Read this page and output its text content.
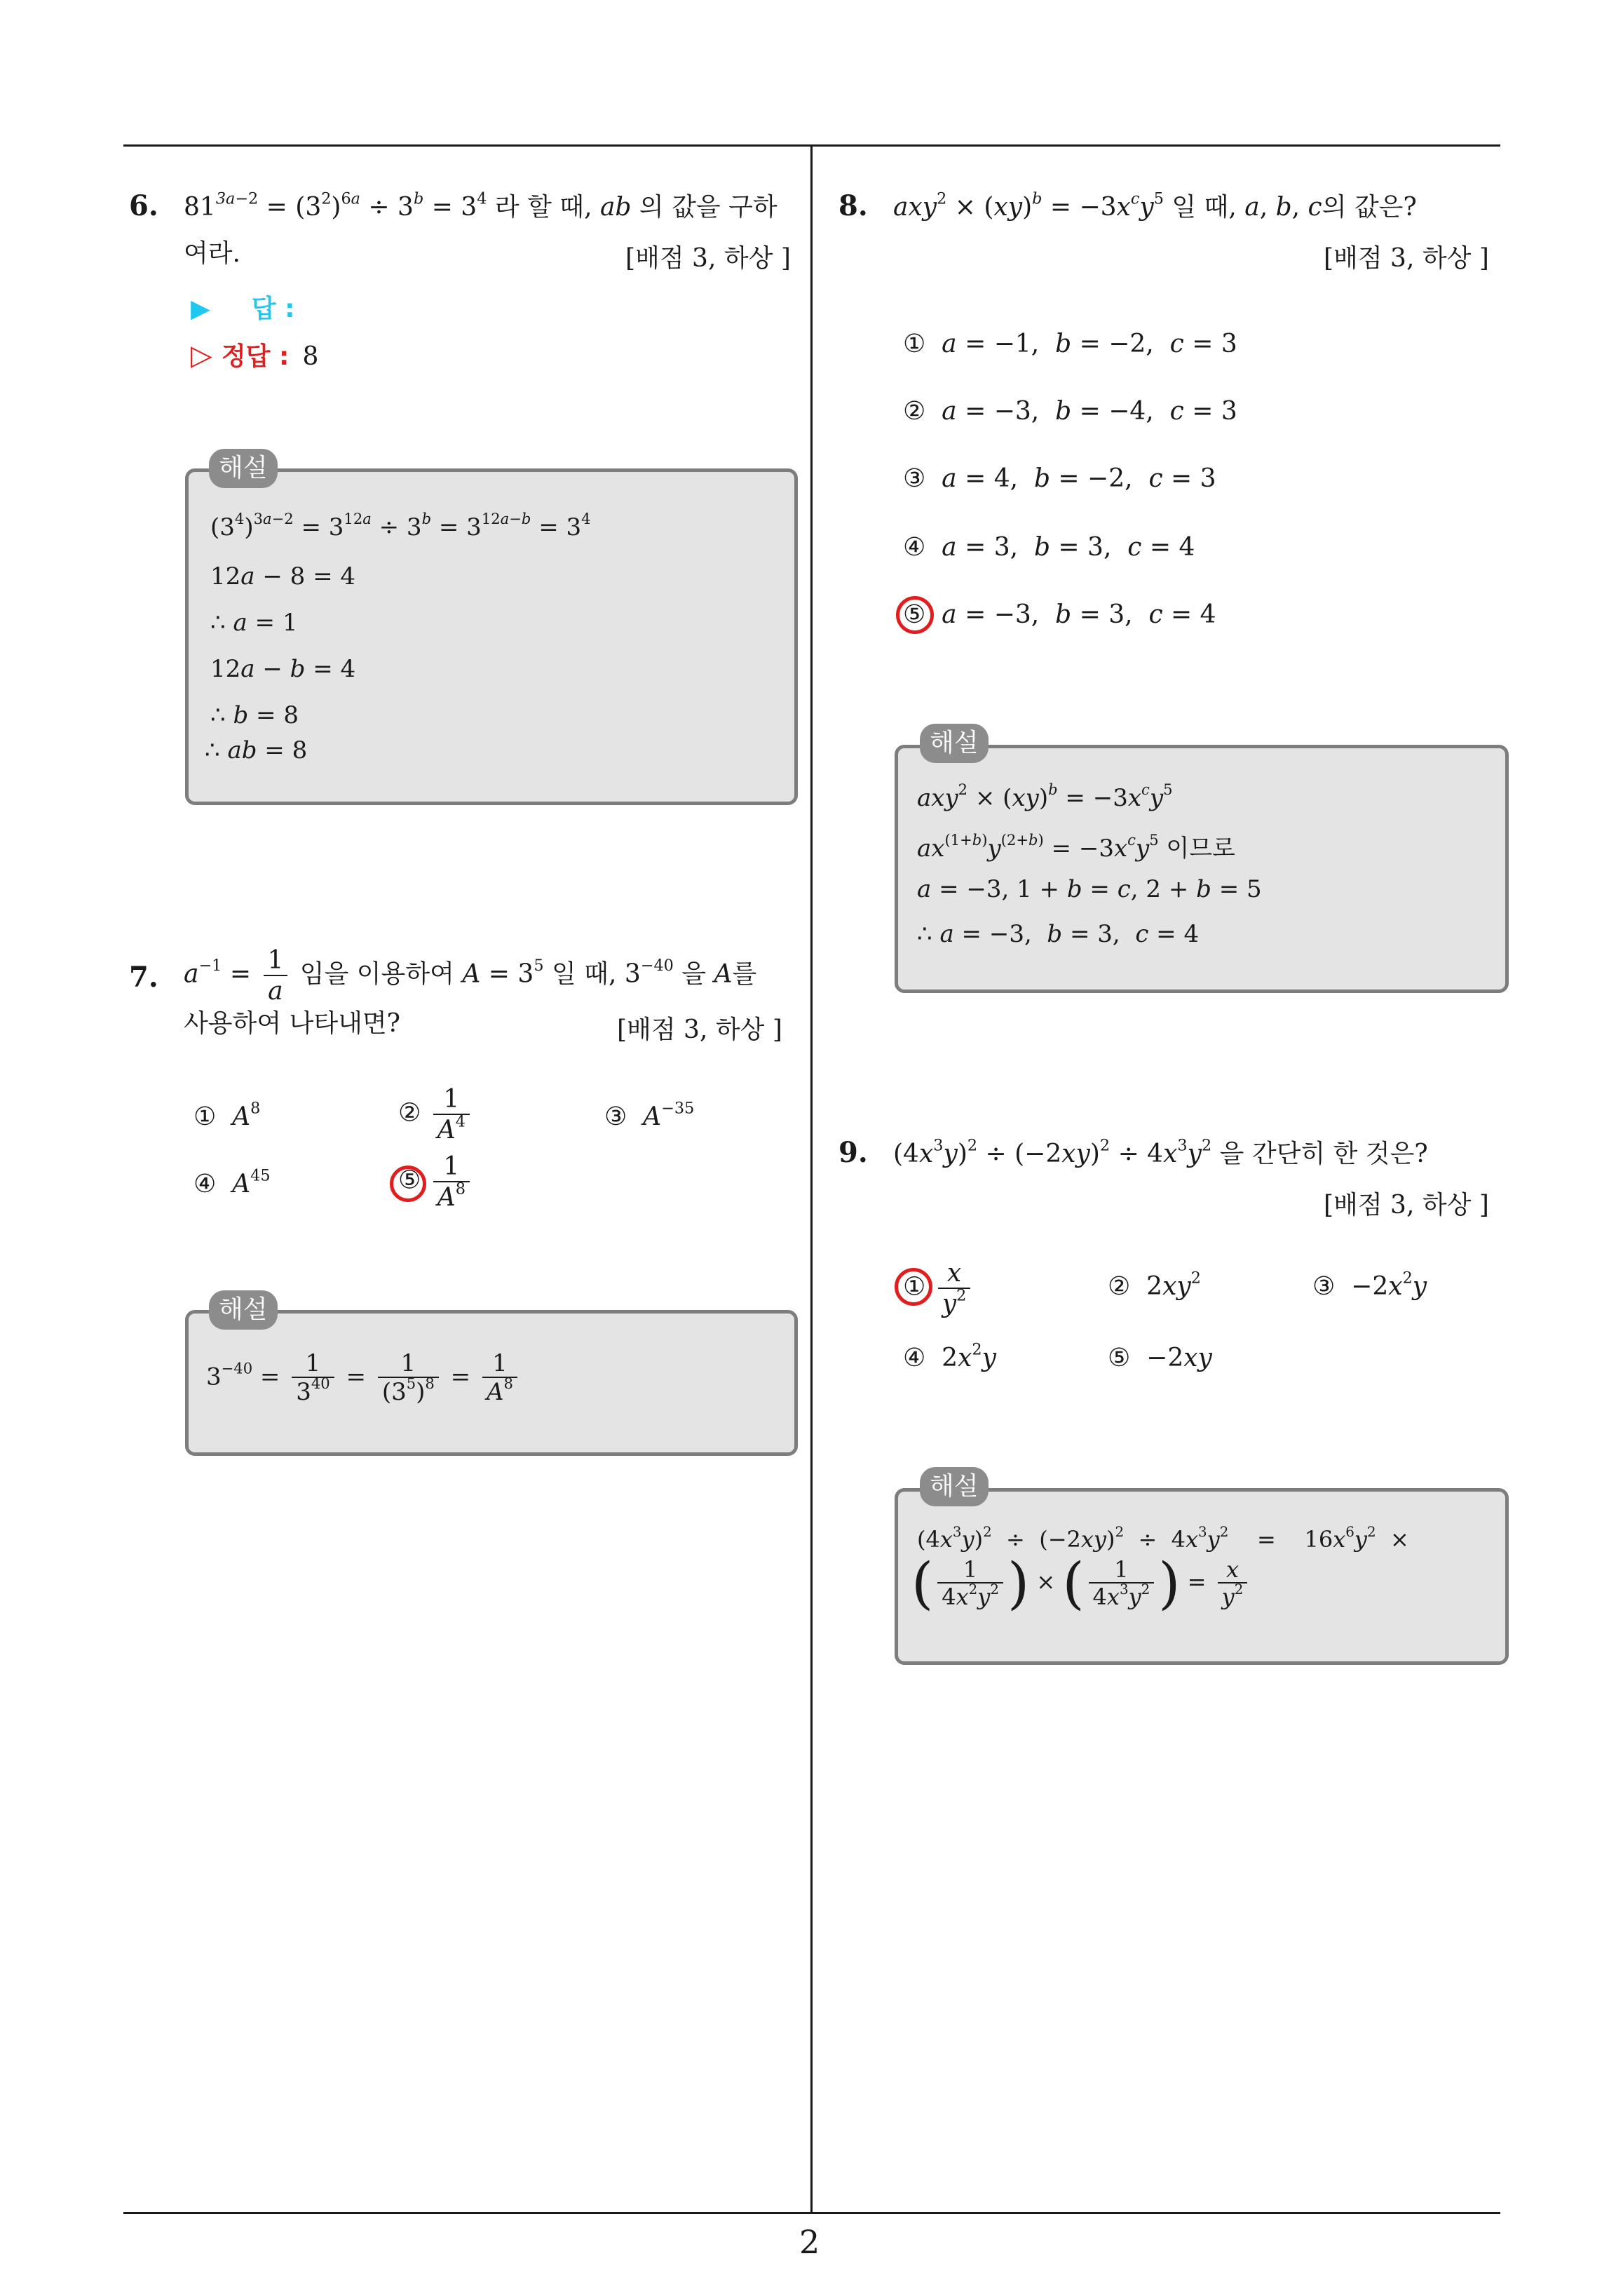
2
6. $81^{3a-2} = (3^2)^{6a} \div 3^b = 3^4$ 라 할 때, ab 의 값을 구하
여라.	[배점 3, 하상 ]
▶ 답 :
▷ 정답 : 8
해설
$(3^4)^{3a-2} = 3^{12a} \div 3^b = 3^{12a-b} = 3^4$
12a − 8 = 4
∴ a = 1
12a − b = 4
∴ b = 8
∴ ab = 8
7. $a^{-1} = \frac{1}{a}$ 임을 이용하여 $A = 3^5$ 일 때, $3^{-40}$ 을 A를
사용하여 나타내면?	[배점 3, 하상 ]
① $A^8$	② $\frac{1}{A^4}$	③ $A^{-35}$
④ $A^{45}$	⑤ $\frac{1}{A^8}$
해설
$3^{-40} = \frac{1}{3^{40}} = \frac{1}{(3^5)^8} = \frac{1}{A^8}$
8. $axy^2 \times (xy)^b = -3x^cy^5$ 일 때, a, b, c의 값은?
[배점 3, 하상 ]
① a = −1,  b = −2,  c = 3
② a = −3,  b = −4,  c = 3
③ a = 4,  b = −2,  c = 3
④ a = 3,  b = 3,  c = 4
⑤ a = −3,  b = 3,  c = 4
해설
$axy^2 \times (xy)^b = -3x^cy^5$
$ax^{(1+b)}y^{(2+b)} = -3x^cy^5$ 이므로
a = −3, 1 + b = c, 2 + b = 5
∴ a = −3,  b = 3,  c = 4
9. $(4x^3y)^2 \div (-2xy)^2 \div 4x^3y^2$ 을 간단히 한 것은?
[배점 3, 하상 ]
① $\frac{x}{y^2}$	②  $2xy^2$	③  $-2x^2y$
④  $2x^2y$	⑤  −2xy
해설
$(4x^3y)^2 \div (-2xy)^2 \div 4x^3y^2$    =    $16x^6y^2$  ×
( $\frac{1}{4x^2y^2}$ ) × ( $\frac{1}{4x^3y^2}$ ) = $\frac{x}{y^2}$
